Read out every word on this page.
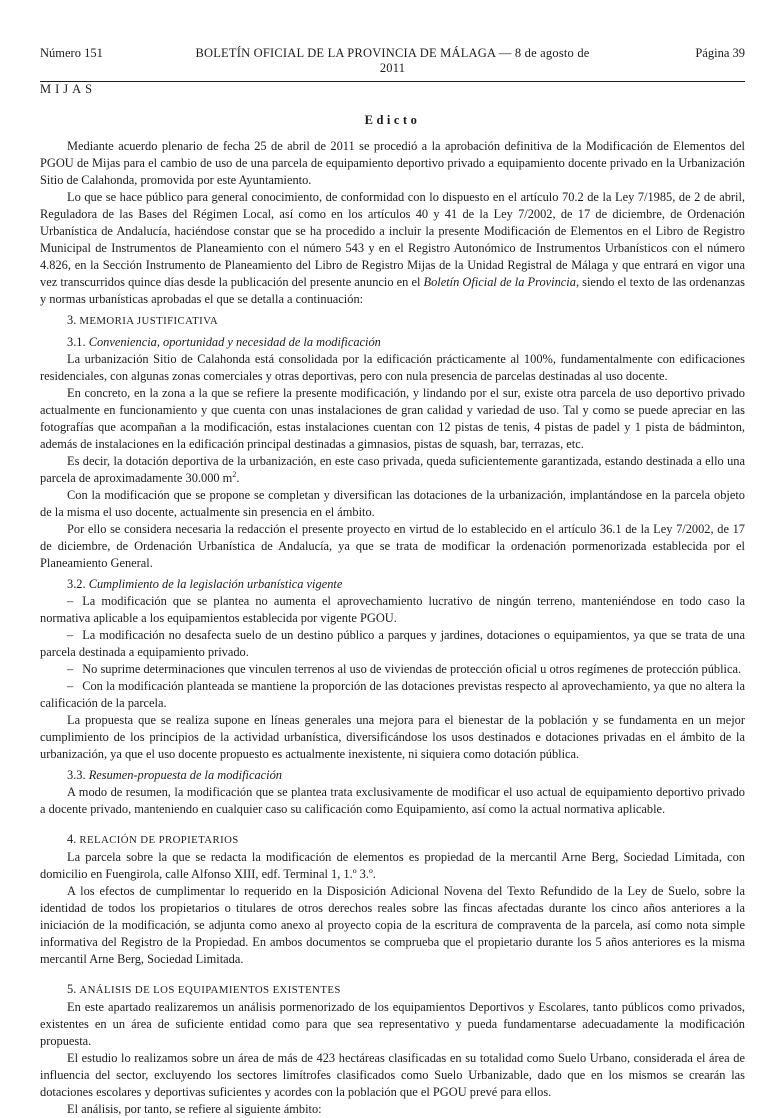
Número 151	BOLETÍN OFICIAL DE LA PROVINCIA DE MÁLAGA — 8 de agosto de 2011
Página 39
MIJAS
Edicto

Mediante acuerdo plenario de fecha 25 de abril de 2011 se procedió a la aprobación definitiva de la Modificación de Elementos del PGOU de Mijas para el cambio de uso de una parcela de equipamiento deportivo privado a equipamiento docente privado en la Urbanización Sitio de Calahonda, promovida por este Ayuntamiento.

Lo que se hace público para general conocimiento, de conformidad con lo dispuesto en el artículo 70.2 de la Ley 7/1985, de 2 de abril, Reguladora de las Bases del Régimen Local, así como en los artículos 40 y 41 de la Ley 7/2002, de 17 de diciembre, de Ordenación Urbanística de Andalucía, haciéndose constar que se ha procedido a incluir la presente Modificación de Elementos en el Libro de Registro Municipal de Instrumentos de Planeamiento con el número 543 y en el Registro Autonómico de Instrumentos Urbanísticos con el número 4.826, en la Sección Instrumento de Planeamiento del Libro de Registro Mijas de la Unidad Registral de Málaga y que entrará en vigor una vez transcurridos quince días desde la publicación del presente anuncio en el Boletín Oficial de la Provincia, siendo el texto de las ordenanzas y normas urbanísticas aprobadas el que se detalla a continuación:

3. MEMORIA JUSTIFICATIVA

3.1. Conveniencia, oportunidad y necesidad de la modificación

La urbanización Sitio de Calahonda está consolidada por la edificación prácticamente al 100%, fundamentalmente con edificaciones residenciales, con algunas zonas comerciales y otras deportivas, pero con nula presencia de parcelas destinadas al uso docente.

En concreto, en la zona a la que se refiere la presente modificación, y lindando por el sur, existe otra parcela de uso deportivo privado actualmente en funcionamiento y que cuenta con unas instalaciones de gran calidad y variedad de uso. Tal y como se puede apreciar en las fotografías que acompañan a la modificación, estas instalaciones cuentan con 12 pistas de tenis, 4 pistas de padel y 1 pista de bádminton, además de instalaciones en la edificación principal destinadas a gimnasios, pistas de squash, bar, terrazas, etc.

Es decir, la dotación deportiva de la urbanización, en este caso privada, queda suficientemente garantizada, estando destinada a ello una parcela de aproximadamente 30.000 $m^2$.

Con la modificación que se propone se completan y diversifican las dotaciones de la urbanización, implantándose en la parcela objeto de la misma el uso docente, actualmente sin presencia en el ámbito.

Por ello se considera necesaria la redacción el presente proyecto en virtud de lo establecido en el artículo 36.1 de la Ley 7/2002, de 17 de diciembre, de Ordenación Urbanística de Andalucía, ya que se trata de modificar la ordenación pormenorizada establecida por el Planeamiento General.

3.2. Cumplimiento de la legislación urbanística vigente

– La modificación que se plantea no aumenta el aprovechamiento lucrativo de ningún terreno, manteniéndose en todo caso la normativa aplicable a los equipamientos establecida por vigente PGOU.

– La modificación no desafecta suelo de un destino público a parques y jardines, dotaciones o equipamientos, ya que se trata de una parcela destinada a equipamiento privado.

– No suprime determinaciones que vinculen terrenos al uso de viviendas de protección oficial u otros regímenes de protección pública.

– Con la modificación planteada se mantiene la proporción de las dotaciones previstas respecto al aprovechamiento, ya que no altera la calificación de la parcela.

La propuesta que se realiza supone en líneas generales una mejora para el bienestar de la población y se fundamenta en un mejor cumplimiento de los principios de la actividad urbanística, diversificándose los usos destinados e dotaciones privadas en el ámbito de la urbanización, ya que el uso docente propuesto es actualmente inexistente, ni siquiera como dotación pública.

3.3. Resumen-propuesta de la modificación

A modo de resumen, la modificación que se plantea trata exclusivamente de modificar el uso actual de equipamiento deportivo privado a docente privado, manteniendo en cualquier caso su calificación como Equipamiento, así como la actual normativa aplicable.

4. RELACIÓN DE PROPIETARIOS

La parcela sobre la que se redacta la modificación de elementos es propiedad de la mercantil Arne Berg, Sociedad Limitada, con domicilio en Fuengirola, calle Alfonso XIII, edf. Terminal 1, 1.º 3.º.

A los efectos de cumplimentar lo requerido en la Disposición Adicional Novena del Texto Refundido de la Ley de Suelo, sobre la identidad de todos los propietarios o titulares de otros derechos reales sobre las fincas afectadas durante los cinco años anteriores a la iniciación de la modificación, se adjunta como anexo al proyecto copia de la escritura de compraventa de la parcela, así como nota simple informativa del Registro de la Propiedad. En ambos documentos se comprueba que el propietario durante los 5 años anteriores es la misma mercantil Arne Berg, Sociedad Limitada.

5. ANÁLISIS DE LOS EQUIPAMIENTOS EXISTENTES

En este apartado realizaremos un análisis pormenorizado de los equipamientos Deportivos y Escolares, tanto públicos como privados, existentes en un área de suficiente entidad como para que sea representativo y pueda fundamentarse adecuadamente la modificación propuesta.

El estudio lo realizamos sobre un área de más de 423 hectáreas clasificadas en su totalidad como Suelo Urbano, considerada el área de influencia del sector, excluyendo los sectores limítrofes clasificados como Suelo Urbanizable, dado que en los mismos se crearán las dotaciones escolares y deportivas suficientes y acordes con la población que el PGOU prevé para ellos.

El análisis, por tanto, se refiere al siguiente ámbito:
